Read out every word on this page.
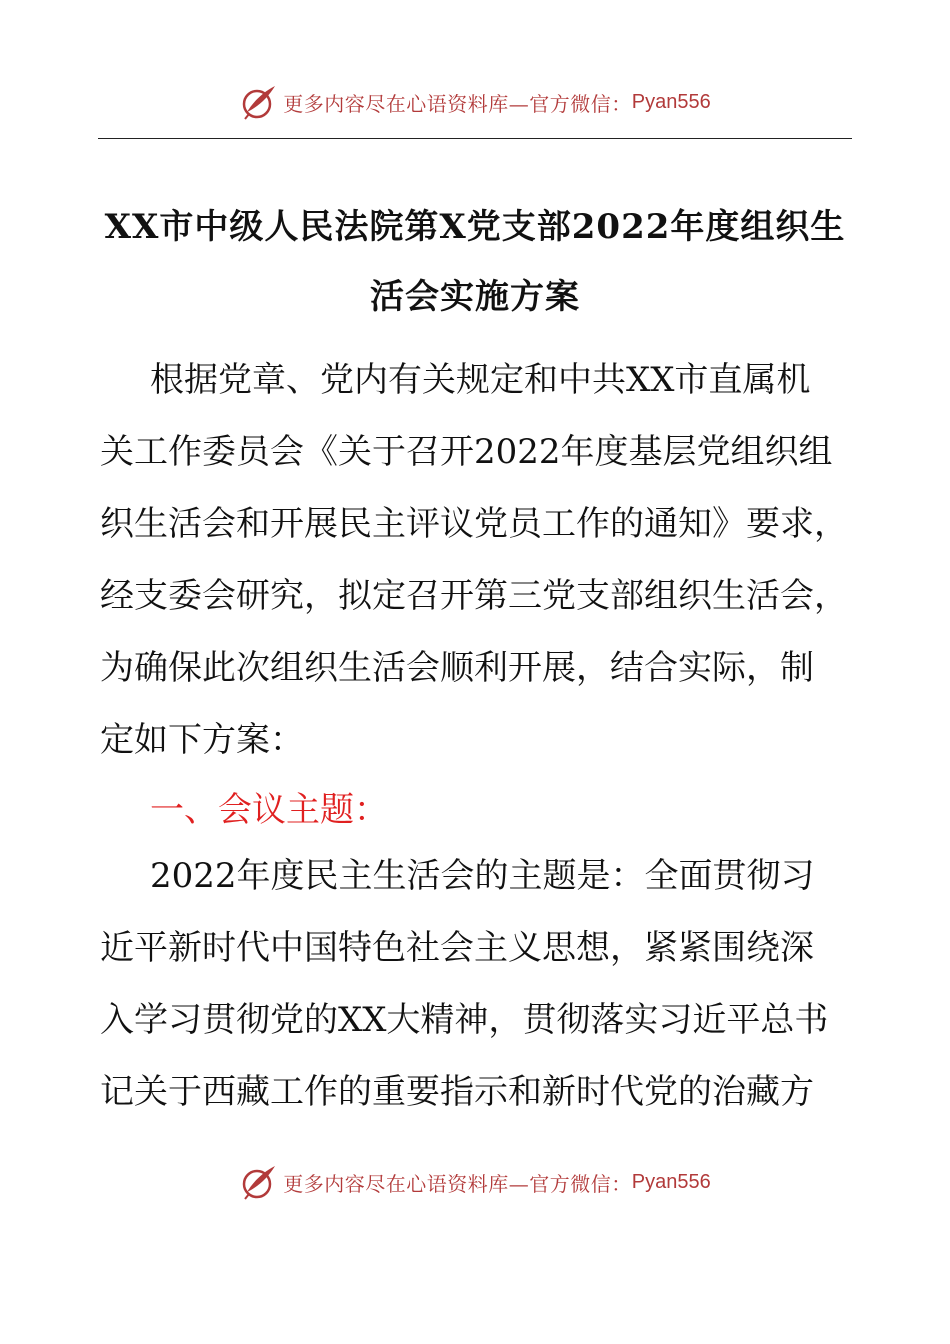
更多内容尽在心语资料库—官方微信： Pyan556
XX市中级人民法院第X党支部2022年度组织生
活会实施方案
根据党章、党内有关规定和中共XX市直属机
关工作委员会《关于召开2022年度基层党组织组
织生活会和开展民主评议党员工作的通知》要求，
经支委会研究，拟定召开第三党支部组织生活会，
为确保此次组织生活会顺利开展，结合实际，制
定如下方案：
一、会议主题：
2022年度民主生活会的主题是：全面贯彻习
近平新时代中国特色社会主义思想，紧紧围绕深
入学习贯彻党的XX大精神，贯彻落实习近平总书
记关于西藏工作的重要指示和新时代党的治藏方
更多内容尽在心语资料库—官方微信： Pyan556
